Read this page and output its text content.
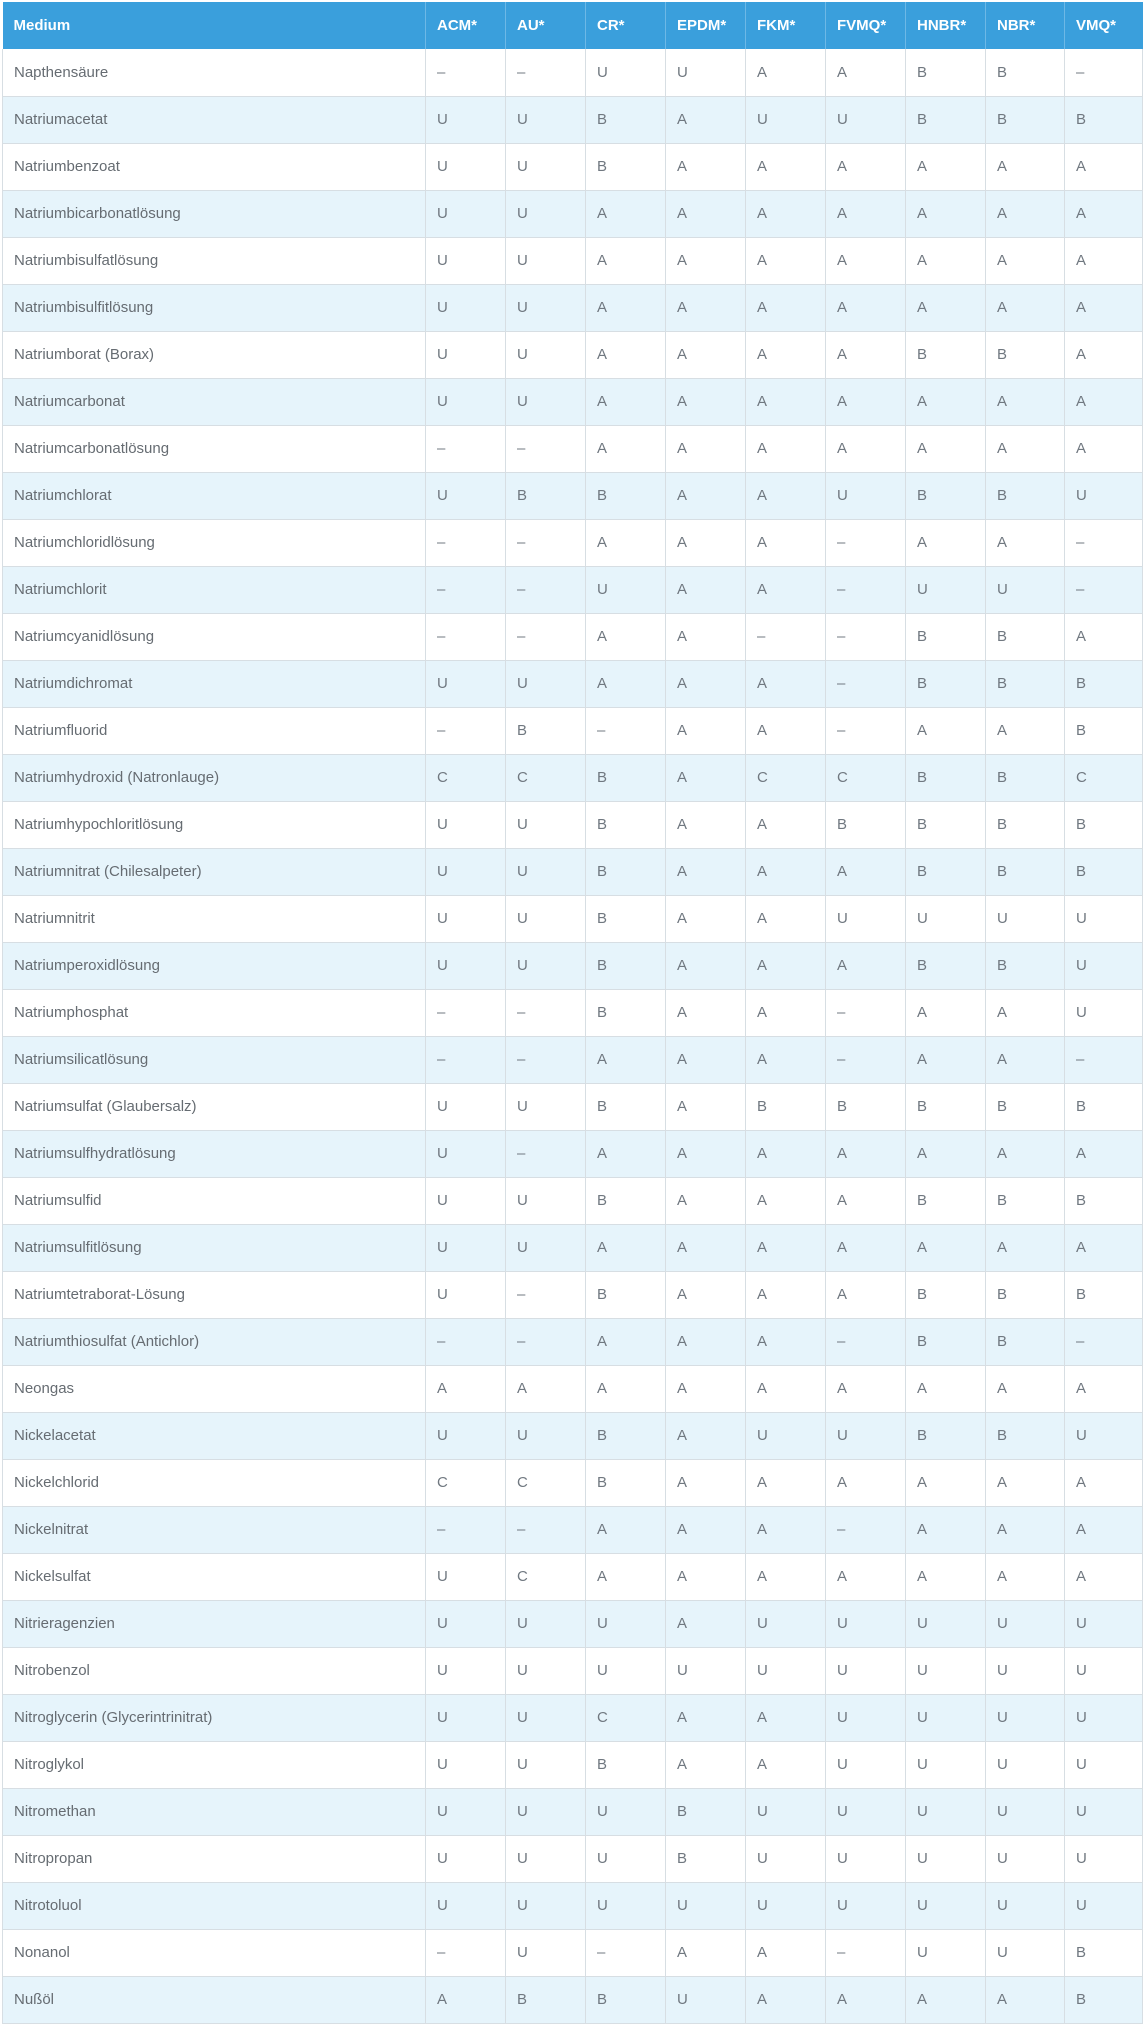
Medium	ACM*	AU*	CR*	EPDM*	FKM*	FVMQ*	HNBR*	NBR*	VMQ*
Napthensäure	–	–	U	U	A	A	B	B	–
Natriumacetat	U	U	B	A	U	U	B	B	B
Natriumbenzoat	U	U	B	A	A	A	A	A	A
Natriumbicarbonatlösung	U	U	A	A	A	A	A	A	A
Natriumbisulfatlösung	U	U	A	A	A	A	A	A	A
Natriumbisulfitlösung	U	U	A	A	A	A	A	A	A
Natriumborat (Borax)	U	U	A	A	A	A	B	B	A
Natriumcarbonat	U	U	A	A	A	A	A	A	A
Natriumcarbonatlösung	–	–	A	A	A	A	A	A	A
Natriumchlorat	U	B	B	A	A	U	B	B	U
Natriumchloridlösung	–	–	A	A	A	–	A	A	–
Natriumchlorit	–	–	U	A	A	–	U	U	–
Natriumcyanidlösung	–	–	A	A	–	–	B	B	A
Natriumdichromat	U	U	A	A	A	–	B	B	B
Natriumfluorid	–	B	–	A	A	–	A	A	B
Natriumhydroxid (Natronlauge)	C	C	B	A	C	C	B	B	C
Natriumhypochloritlösung	U	U	B	A	A	B	B	B	B
Natriumnitrat (Chilesalpeter)	U	U	B	A	A	A	B	B	B
Natriumnitrit	U	U	B	A	A	U	U	U	U
Natriumperoxidlösung	U	U	B	A	A	A	B	B	U
Natriumphosphat	–	–	B	A	A	–	A	A	U
Natriumsilicatlösung	–	–	A	A	A	–	A	A	–
Natriumsulfat (Glaubersalz)	U	U	B	A	B	B	B	B	B
Natriumsulfhydratlösung	U	–	A	A	A	A	A	A	A
Natriumsulfid	U	U	B	A	A	A	B	B	B
Natriumsulfitlösung	U	U	A	A	A	A	A	A	A
Natriumtetraborat-Lösung	U	–	B	A	A	A	B	B	B
Natriumthiosulfat (Antichlor)	–	–	A	A	A	–	B	B	–
Neongas	A	A	A	A	A	A	A	A	A
Nickelacetat	U	U	B	A	U	U	B	B	U
Nickelchlorid	C	C	B	A	A	A	A	A	A
Nickelnitrat	–	–	A	A	A	–	A	A	A
Nickelsulfat	U	C	A	A	A	A	A	A	A
Nitrieragenzien	U	U	U	A	U	U	U	U	U
Nitrobenzol	U	U	U	U	U	U	U	U	U
Nitroglycerin (Glycerintrinitrat)	U	U	C	A	A	U	U	U	U
Nitroglykol	U	U	B	A	A	U	U	U	U
Nitromethan	U	U	U	B	U	U	U	U	U
Nitropropan	U	U	U	B	U	U	U	U	U
Nitrotoluol	U	U	U	U	U	U	U	U	U
Nonanol	–	U	–	A	A	–	U	U	B
Nußöl	A	B	B	U	A	A	A	A	B
